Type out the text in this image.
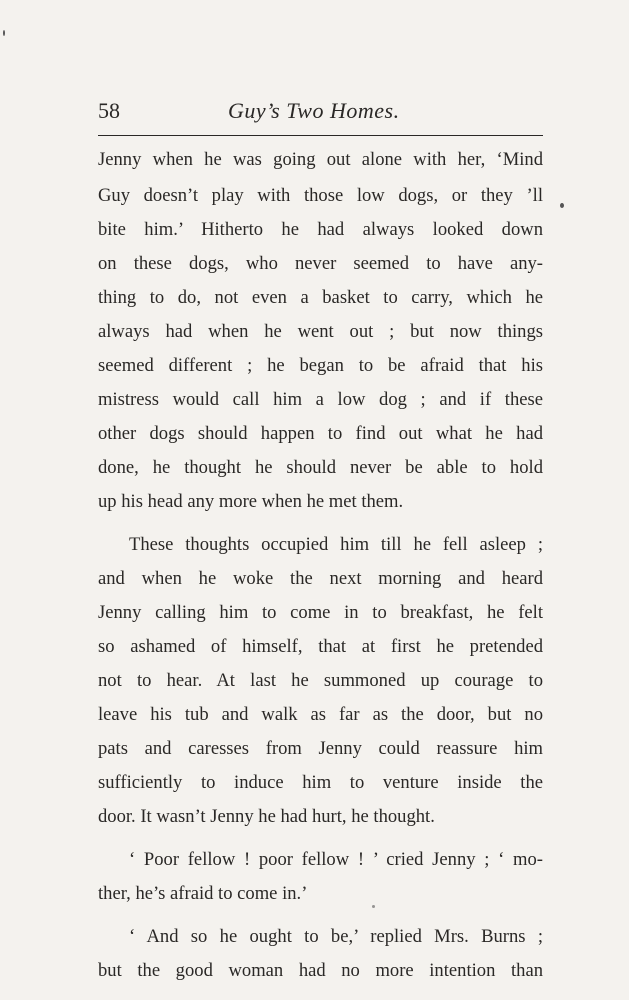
58	Guy’s Two Homes.
Jenny when he was going out alone with her, ‘Mind
Guy doesn’t play with those low dogs, or they ’ll
bite him.’ Hitherto he had always looked down
on these dogs, who never seemed to have any-
thing to do, not even a basket to carry, which he
always had when he went out ; but now things
seemed different ; he began to be afraid that his
mistress would call him a low dog ; and if these
other dogs should happen to find out what he had
done, he thought he should never be able to hold
up his head any more when he met them.
These thoughts occupied him till he fell asleep ;
and when he woke the next morning and heard
Jenny calling him to come in to breakfast, he felt
so ashamed of himself, that at first he pretended
not to hear. At last he summoned up courage to
leave his tub and walk as far as the door, but no
pats and caresses from Jenny could reassure him
sufficiently to induce him to venture inside the
door. It wasn’t Jenny he had hurt, he thought.
‘ Poor fellow ! poor fellow ! ’ cried Jenny ; ‘ mo-
ther, he’s afraid to come in.’
‘ And so he ought to be,’ replied Mrs. Burns ;
but the good woman had no more intention than
